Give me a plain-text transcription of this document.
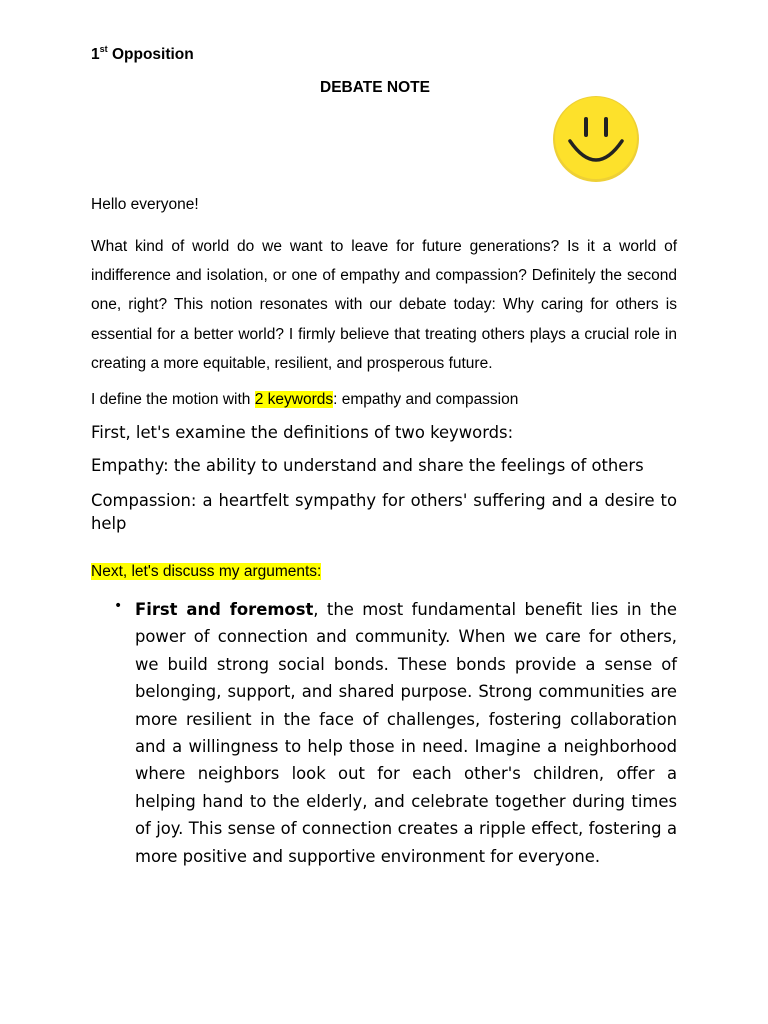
1st Opposition
DEBATE NOTE
Hello everyone!

What kind of world do we want to leave for future generations? Is it a world of indifference and isolation, or one of empathy and compassion? Definitely the second one, right? This notion resonates with our debate today: Why caring for others is essential for a better world? I firmly believe that treating others plays a crucial role in creating a more equitable, resilient, and prosperous future.

I define the motion with 2 keywords: empathy and compassion

First, let's examine the definitions of two keywords:

Empathy: the ability to understand and share the feelings of others

Compassion: a heartfelt sympathy for others' suffering and a desire to help

Next, let's discuss my arguments:
• First and foremost, the most fundamental benefit lies in the power of connection and community. When we care for others, we build strong social bonds. These bonds provide a sense of belonging, support, and shared purpose. Strong communities are more resilient in the face of challenges, fostering collaboration and a willingness to help those in need. Imagine a neighborhood where neighbors look out for each other's children, offer a helping hand to the elderly, and celebrate together during times of joy. This sense of connection creates a ripple effect, fostering a more positive and supportive environment for everyone.
